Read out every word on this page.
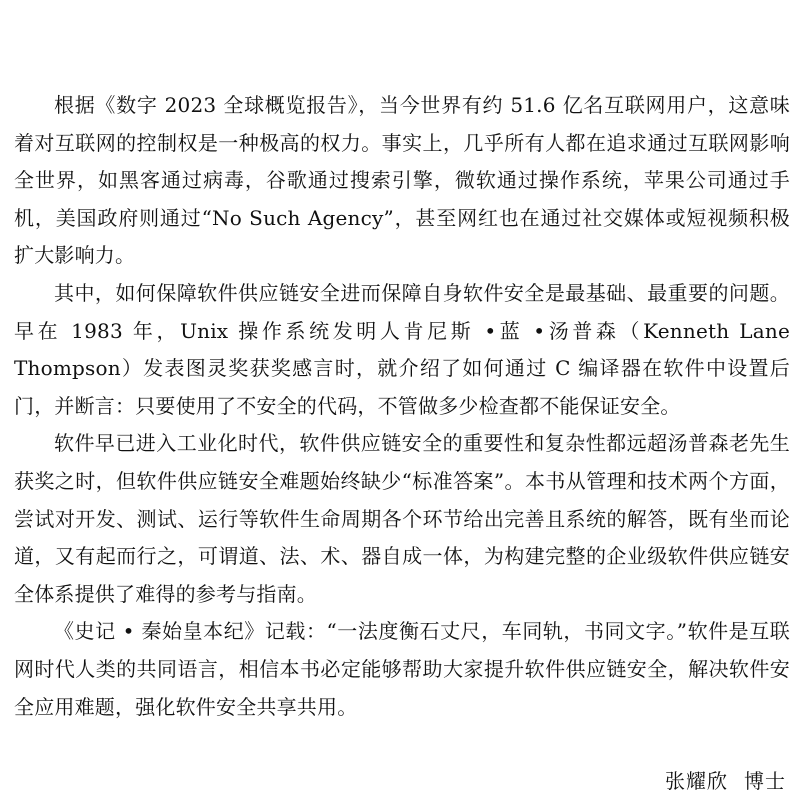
根据《数字 2023 全球概览报告》，当今世界有约 51.6 亿名互联网用户，这意味着对互联网的控制权是一种极高的权力。事实上，几乎所有人都在追求通过互联网影响全世界，如黑客通过病毒，谷歌通过搜索引擎，微软通过操作系统，苹果公司通过手机，美国政府则通过“No Such Agency”，甚至网红也在通过社交媒体或短视频积极扩大影响力。

其中，如何保障软件供应链安全进而保障自身软件安全是最基础、最重要的问题。早在 1983 年，Unix 操作系统发明人肯尼斯 •蓝 •汤普森（Kenneth Lane Thompson）发表图灵奖获奖感言时，就介绍了如何通过 C 编译器在软件中设置后门，并断言：只要使用了不安全的代码，不管做多少检查都不能保证安全。

软件早已进入工业化时代，软件供应链安全的重要性和复杂性都远超汤普森老先生获奖之时，但软件供应链安全难题始终缺少“标准答案”。本书从管理和技术两个方面，尝试对开发、测试、运行等软件生命周期各个环节给出完善且系统的解答，既有坐而论道，又有起而行之，可谓道、法、术、器自成一体，为构建完整的企业级软件供应链安全体系提供了难得的参考与指南。

《史记 • 秦始皇本纪》记载：“一法度衡石丈尺，车同轨，书同文字。”软件是互联网时代人类的共同语言，相信本书必定能够帮助大家提升软件供应链安全，解决软件安全应用难题，强化软件安全共享共用。

张耀欣 博士
